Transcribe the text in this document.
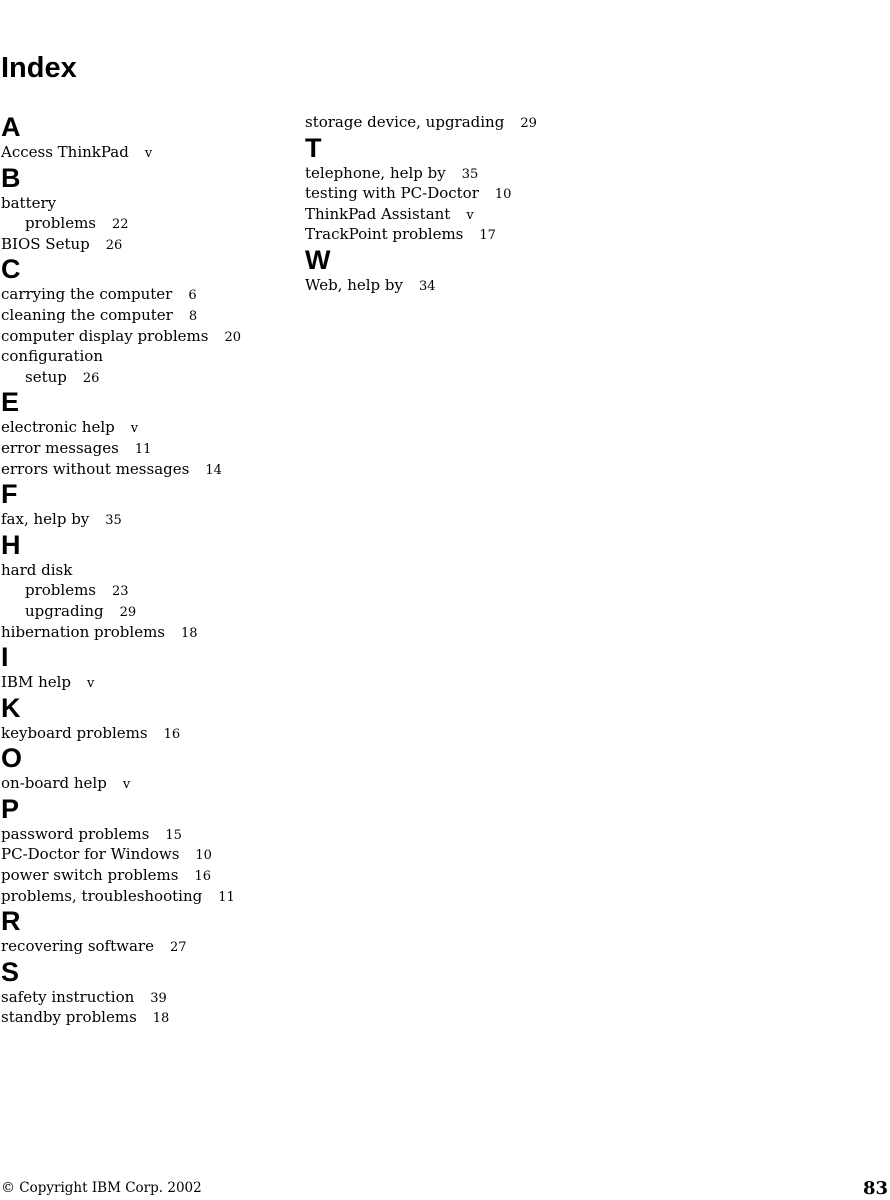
Index
A
Access ThinkPad v
B
battery
problems 22
BIOS Setup 26
C
carrying the computer 6
cleaning the computer 8
computer display problems 20
configuration
setup 26
E
electronic help v
error messages 11
errors without messages 14
F
fax, help by 35
H
hard disk
problems 23
upgrading 29
hibernation problems 18
I
IBM help v
K
keyboard problems 16
O
on-board help v
P
password problems 15
PC-Doctor for Windows 10
power switch problems 16
problems, troubleshooting 11
R
recovering software 27
S
safety instruction 39
standby problems 18
storage device, upgrading 29
T
telephone, help by 35
testing with PC-Doctor 10
ThinkPad Assistant v
TrackPoint problems 17
W
Web, help by 34
© Copyright IBM Corp. 2002	83
